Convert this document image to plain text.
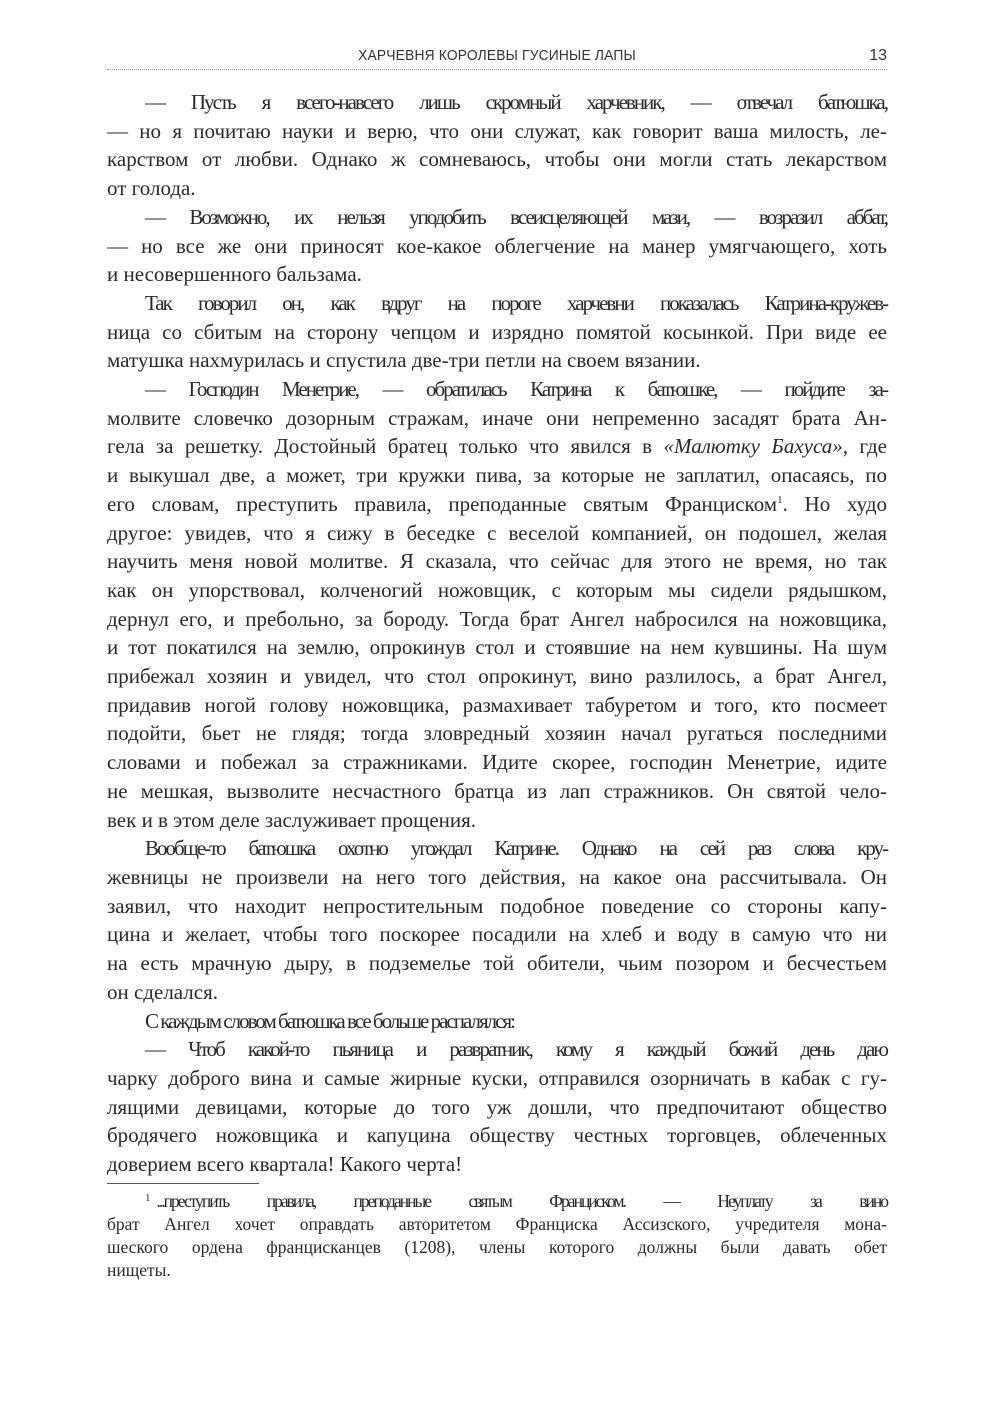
ХАРЧЕВНЯ КОРОЛЕВЫ ГУСИНЫЕ ЛАПЫ	13
— Пусть я всего-навсего лишь скромный харчевник, — отвечал батюшка,
— но я почитаю науки и верю, что они служат, как говорит ваша милость, ле-
карством от любви. Однако ж сомневаюсь, чтобы они могли стать лекарством
от голода.
— Возможно, их нельзя уподобить всеисцеляющей мази, — возразил аббат,
— но все же они приносят кое-какое облегчение на манер умягчающего, хоть
и несовершенного бальзама.
Так говорил он, как вдруг на пороге харчевни показалась Катрина-кружев-
ница со сбитым на сторону чепцом и изрядно помятой косынкой. При виде ее
матушка нахмурилась и спустила две-три петли на своем вязании.
— Господин Менетрие, — обратилась Катрина к батюшке, — пойдите за-
молвите словечко дозорным стражам, иначе они непременно засадят брата Ан-
гела за решетку. Достойный братец только что явился в «Малютку Бахуса», где
и выкушал две, а может, три кружки пива, за которые не заплатил, опасаясь, по
его словам, преступить правила, преподанные святым Франциском$^1$. Но худо
другое: увидев, что я сижу в беседке с веселой компанией, он подошел, желая
научить меня новой молитве. Я сказала, что сейчас для этого не время, но так
как он упорствовал, колченогий ножовщик, с которым мы сидели рядышком,
дернул его, и пребольно, за бороду. Тогда брат Ангел набросился на ножовщика,
и тот покатился на землю, опрокинув стол и стоявшие на нем кувшины. На шум
прибежал хозяин и увидел, что стол опрокинут, вино разлилось, а брат Ангел,
придавив ногой голову ножовщика, размахивает табуретом и того, кто посмеет
подойти, бьет не глядя; тогда зловредный хозяин начал ругаться последними
словами и побежал за стражниками. Идите скорее, господин Менетрие, идите
не мешкая, вызволите несчастного братца из лап стражников. Он святой чело-
век и в этом деле заслуживает прощения.
Вообще-то батюшка охотно угождал Катрине. Однако на сей раз слова кру-
жевницы не произвели на него того действия, на какое она рассчитывала. Он
заявил, что находит непростительным подобное поведение со стороны капу-
цина и желает, чтобы того поскорее посадили на хлеб и воду в самую что ни
на есть мрачную дыру, в подземелье той обители, чьим позором и бесчестьем
он сделался.
С каждым словом батюшка все больше распалялся:
— Чтоб какой-то пьяница и развратник, кому я каждый божий день даю
чарку доброго вина и самые жирные куски, отправился озорничать в кабак с гу-
лящими девицами, которые до того уж дошли, что предпочитают общество
бродячего ножовщика и капуцина обществу честных торговцев, облеченных
доверием всего квартала! Какого черта!
$^1$ ...преступить правила, преподанные святым Франциском. — Неуплату за вино
брат Ангел хочет оправдать авторитетом Франциска Ассизского, учредителя мона-
шеского ордена францисканцев (1208), члены которого должны были давать обет
нищеты.
